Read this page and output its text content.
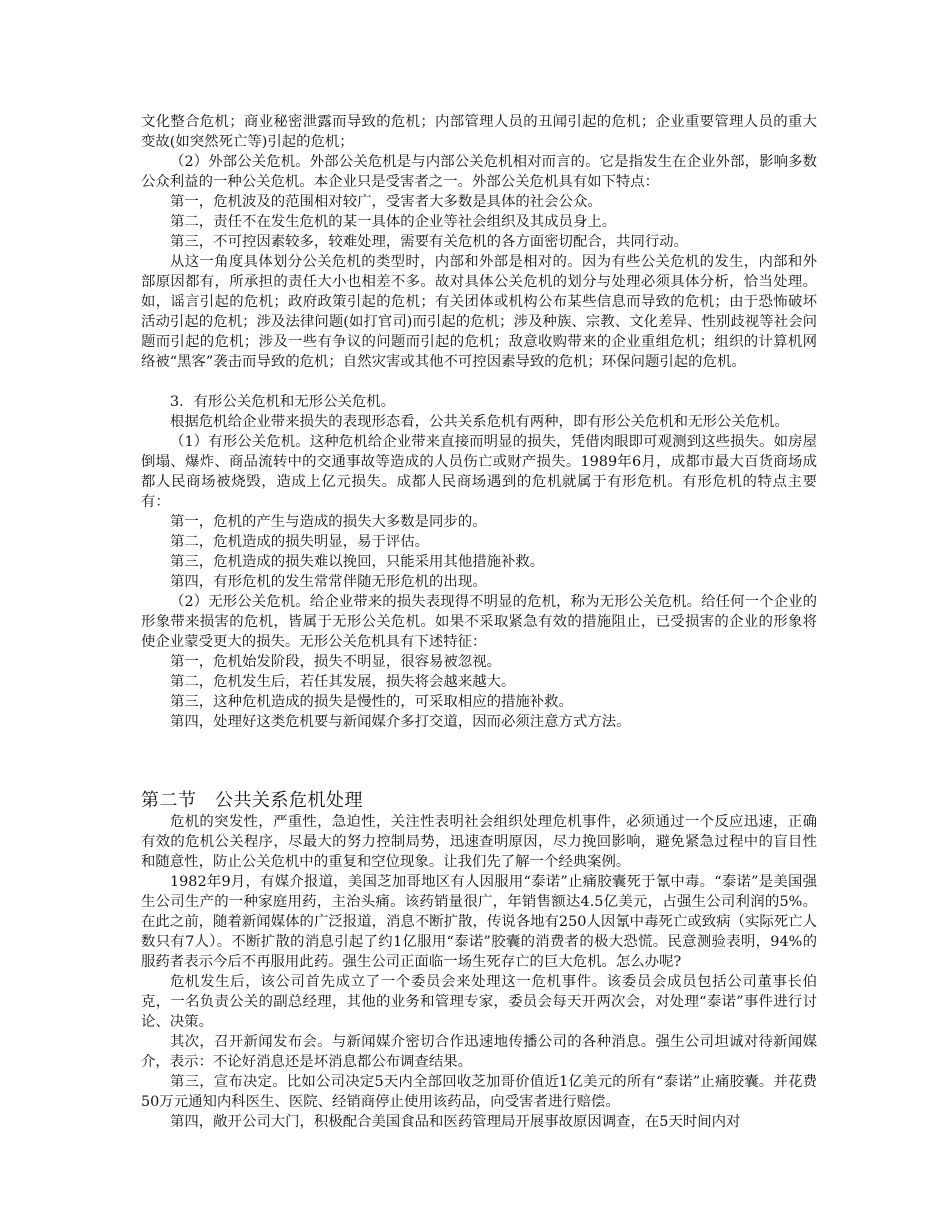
文化整合危机；商业秘密泄露而导致的危机；内部管理人员的丑闻引起的危机；企业重要管理人员的重大变故(如突然死亡等)引起的危机；

（2）外部公关危机。外部公关危机是与内部公关危机相对而言的。它是指发生在企业外部，影响多数公众利益的一种公关危机。本企业只是受害者之一。外部公关危机具有如下特点：

第一，危机波及的范围相对较广，受害者大多数是具体的社会公众。

第二，责任不在发生危机的某一具体的企业等社会组织及其成员身上。

第三，不可控因素较多，较难处理，需要有关危机的各方面密切配合，共同行动。

从这一角度具体划分公关危机的类型时，内部和外部是相对的。因为有些公关危机的发生，内部和外部原因都有，所承担的责任大小也相差不多。故对具体公关危机的划分与处理必须具体分析，恰当处理。如，谣言引起的危机；政府政策引起的危机；有关团体或机构公布某些信息而导致的危机；由于恐怖破坏活动引起的危机；涉及法律问题(如打官司)而引起的危机；涉及种族、宗教、文化差异、性别歧视等社会问题而引起的危机；涉及一些有争议的问题而引起的危机；敌意收购带来的企业重组危机；组织的计算机网络被“黑客”袭击而导致的危机；自然灾害或其他不可控因素导致的危机；环保问题引起的危机。

3．有形公关危机和无形公关危机。

根据危机给企业带来损失的表现形态看，公共关系危机有两种，即有形公关危机和无形公关危机。

（1）有形公关危机。这种危机给企业带来直接而明显的损失，凭借肉眼即可观测到这些损失。如房屋倒塌、爆炸、商品流转中的交通事故等造成的人员伤亡或财产损失。1989年6月，成都市最大百货商场成都人民商场被烧毁，造成上亿元损失。成都人民商场遇到的危机就属于有形危机。有形危机的特点主要有：

第一，危机的产生与造成的损失大多数是同步的。

第二，危机造成的损失明显，易于评估。

第三，危机造成的损失难以挽回，只能采用其他措施补救。

第四，有形危机的发生常常伴随无形危机的出现。

（2）无形公关危机。给企业带来的损失表现得不明显的危机，称为无形公关危机。给任何一个企业的形象带来损害的危机，皆属于无形公关危机。如果不采取紧急有效的措施阻止，已受损害的企业的形象将使企业蒙受更大的损失。无形公关危机具有下述特征：

第一，危机始发阶段，损失不明显，很容易被忽视。

第二，危机发生后，若任其发展，损失将会越来越大。

第三，这种危机造成的损失是慢性的，可采取相应的措施补救。

第四，处理好这类危机要与新闻媒介多打交道，因而必须注意方式方法。

第二节　公共关系危机处理

危机的突发性，严重性，急迫性，关注性表明社会组织处理危机事件，必须通过一个反应迅速，正确有效的危机公关程序，尽最大的努力控制局势，迅速查明原因，尽力挽回影响，避免紧急过程中的盲目性和随意性，防止公关危机中的重复和空位现象。让我们先了解一个经典案例。

1982年9月，有媒介报道，美国芝加哥地区有人因服用“泰诺”止痛胶囊死于氰中毒。“泰诺”是美国强生公司生产的一种家庭用药，主治头痛。该药销量很广，年销售额达4.5亿美元，占强生公司利润的5%。在此之前，随着新闻媒体的广泛报道，消息不断扩散，传说各地有250人因氰中毒死亡或致病（实际死亡人数只有7人）。不断扩散的消息引起了约1亿服用“泰诺”胶囊的消费者的极大恐慌。民意测验表明，94%的服药者表示今后不再服用此药。强生公司正面临一场生死存亡的巨大危机。怎么办呢?

危机发生后，该公司首先成立了一个委员会来处理这一危机事件。该委员会成员包括公司董事长伯克，一名负责公关的副总经理，其他的业务和管理专家，委员会每天开两次会，对处理“泰诺”事件进行讨论、决策。

其次，召开新闻发布会。与新闻媒介密切合作迅速地传播公司的各种消息。强生公司坦诚对待新闻媒介，表示：不论好消息还是坏消息都公布调查结果。

第三，宣布决定。比如公司决定5天内全部回收芝加哥价值近1亿美元的所有“泰诺”止痛胶囊。并花费50万元通知内科医生、医院、经销商停止使用该药品，向受害者进行赔偿。

第四，敞开公司大门，积极配合美国食品和医药管理局开展事故原因调查，在5天时间内对
